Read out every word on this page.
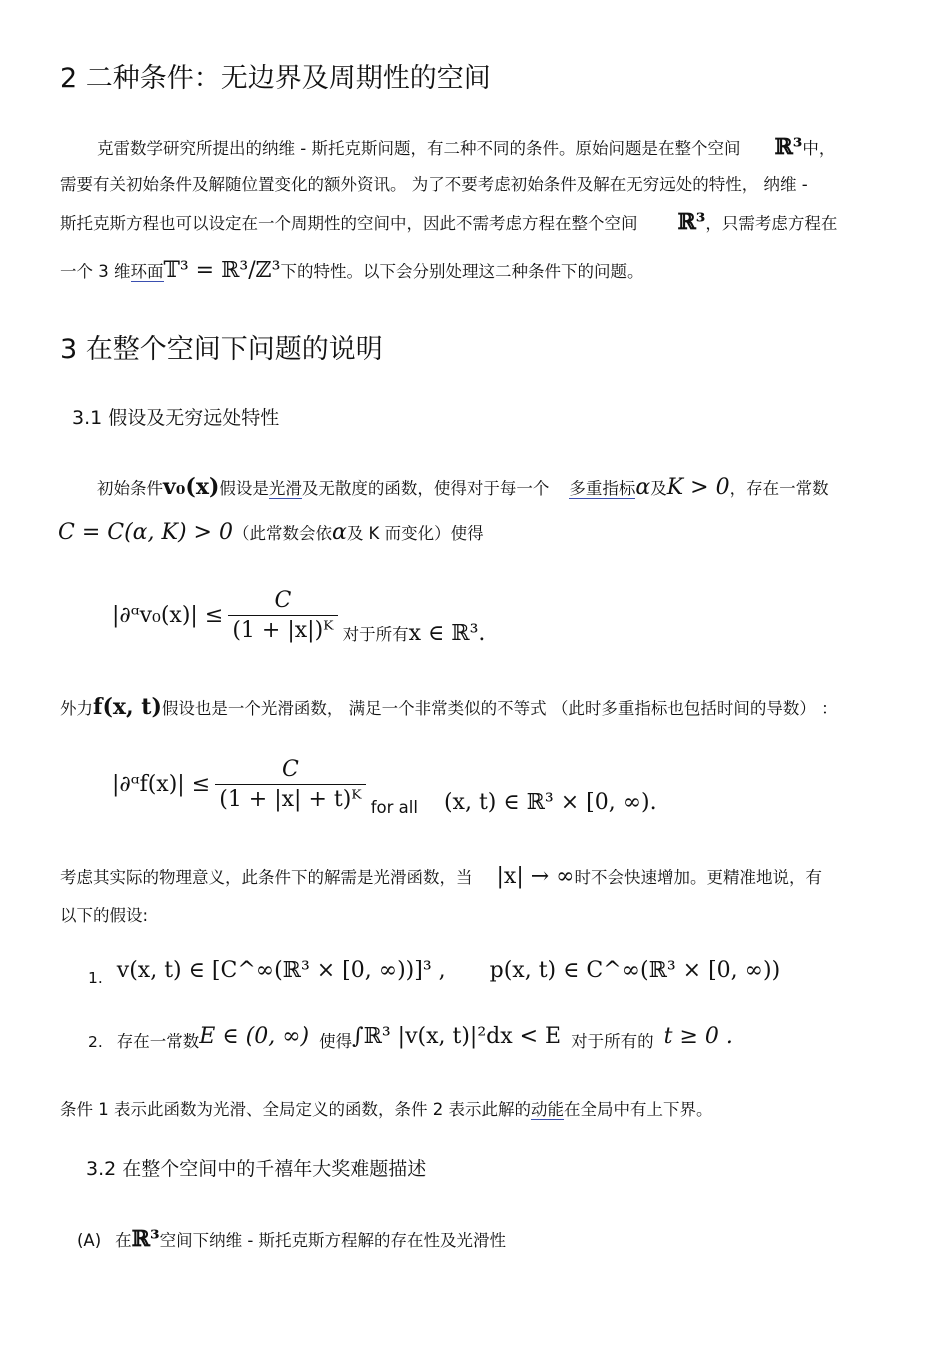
2 二种条件：无边界及周期性的空间
克雷数学研究所提出的纳维 - 斯托克斯问题，有二种不同的条件。原始问题是在整个空间 ℝ³中，
需要有关初始条件及解随位置变化的额外资讯。 为了不要考虑初始条件及解在无穷远处的特性， 纳维 -
斯托克斯方程也可以设定在一个周期性的空间中，因此不需考虑方程在整个空间 ℝ³，只需考虑方程在
一个 3 维环面𝕋³ = ℝ³/ℤ³下的特性。以下会分别处理这二种条件下的问题。
3 在整个空间下问题的说明
3.1 假设及无穷远处特性
初始条件v₀(x)假设是光滑及无散度的函数，使得对于每一个 多重指标α及K > 0，存在一常数
C = C(α, K) > 0（此常数会依α及 K 而变化）使得
|∂ᵅv₀(x)| ≤ $\frac{C}{\text{(1 + |x|)ᴷ}}$ 对于所有x ∈ ℝ³.
外力f(x, t)假设也是一个光滑函数， 满足一个非常类似的不等式 （此时多重指标也包括时间的导数） ：
|∂ᵅf(x)| ≤ $\frac{C}{\text{(1 + |x| + t)ᴷ}}$ for all (x, t) ∈ ℝ³ × [0, ∞).
考虑其实际的物理意义，此条件下的解需是光滑函数，当 |x| → ∞时不会快速增加。更精准地说，有
以下的假设:
1. v(x, t) ∈ [C^∞(ℝ³ × [0, ∞))]³ , p(x, t) ∈ C^∞(ℝ³ × [0, ∞))
2. 存在一常数E ∈ (0, ∞) 使得∫ℝ³ |v(x, t)|²dx < E 对于所有的 t ≥ 0 .
条件 1 表示此函数为光滑、全局定义的函数，条件 2 表示此解的动能在全局中有上下界。
3.2 在整个空间中的千禧年大奖难题描述
(A) 在ℝ³空间下纳维 - 斯托克斯方程解的存在性及光滑性
